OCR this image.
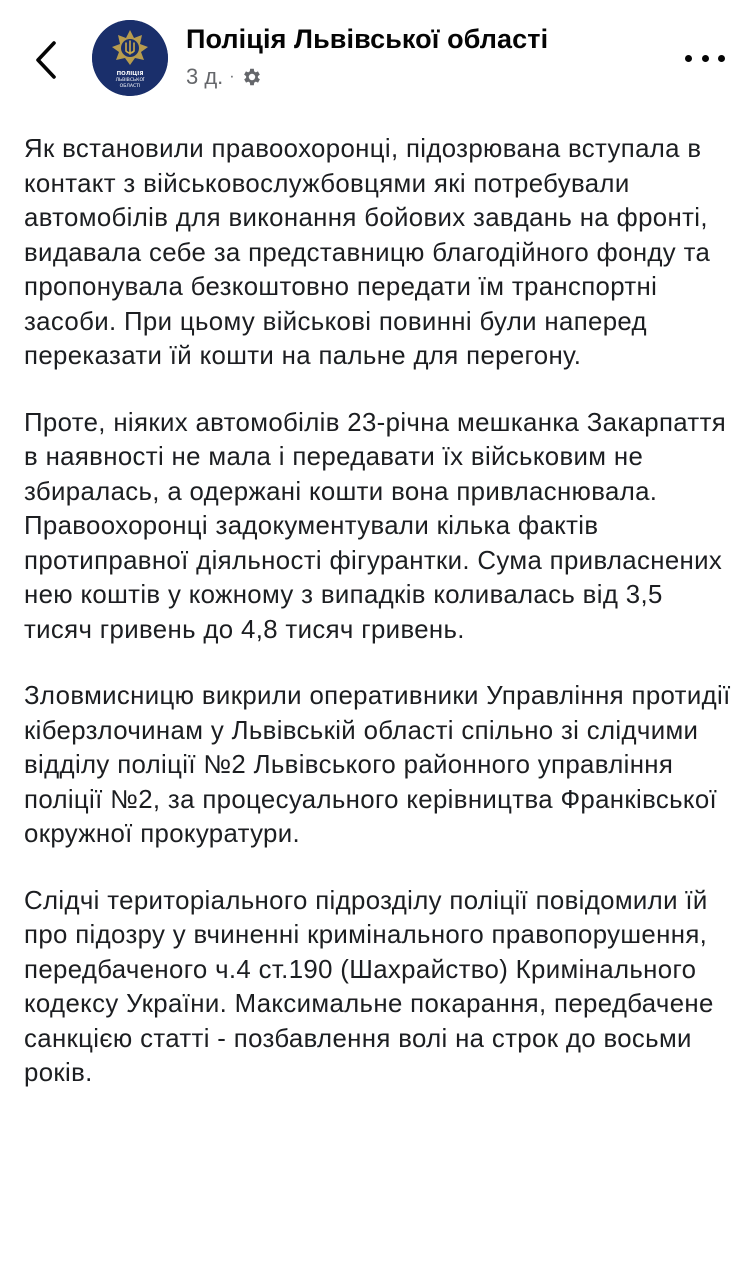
ПОЛІЦІЯ
ЛЬВІВСЬКОЇ
ОБЛАСТІ
Поліція Львівської області
3 д. ·

Як встановили правоохоронці, підозрювана вступала в контакт з військовослужбовцями які потребували автомобілів для виконання бойових завдань на фронті, видавала себе за представницю благодійного фонду та пропонувала безкоштовно передати їм транспортні засоби. При цьому військові повинні були наперед переказати їй кошти на пальне для перегону.

Проте, ніяких автомобілів 23-річна мешканка Закарпаття в наявності не мала і передавати їх військовим не збиралась, а одержані кошти вона привласнювала. Правоохоронці задокументували кілька фактів протиправної діяльності фігурантки. Сума привласнених нею коштів у кожному з випадків коливалась від 3,5 тисяч гривень до 4,8 тисяч гривень.

Зловмисницю викрили оперативники Управління протидії кіберзлочинам у Львівській області спільно зі слідчими відділу поліції №2 Львівського районного управління поліції №2, за процесуального керівництва Франківської окружної прокуратури.

Слідчі територіального підрозділу поліції повідомили їй про підозру у вчиненні кримінального правопорушення, передбаченого ч.4 ст.190 (Шахрайство) Кримінального кодексу України. Максимальне покарання, передбачене санкцією статті - позбавлення волі на строк до восьми років.
